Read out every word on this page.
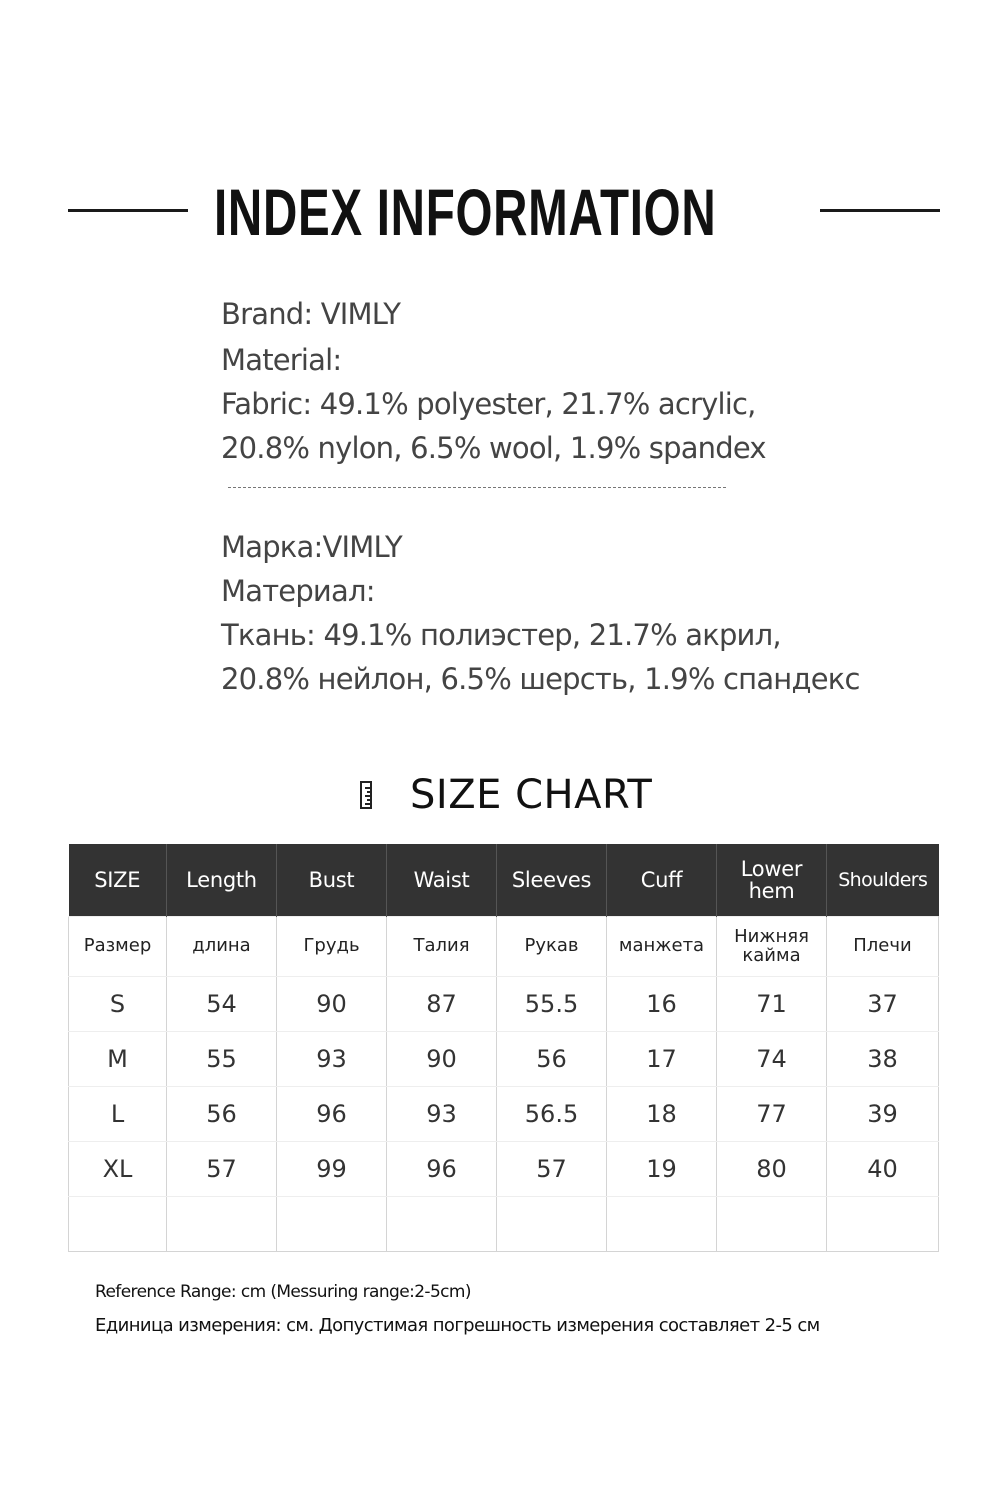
INDEX INFORMATION
Brand: VIMLY
Material:
Fabric: 49.1% polyester, 21.7% acrylic,
20.8% nylon, 6.5% wool, 1.9% spandex
Марка:VIMLY
Материал:
Ткань: 49.1% полиэстер, 21.7% акрил,
20.8% нейлон, 6.5% шерсть, 1.9% спандекс
SIZE CHART
SIZE	Length	Bust	Waist	Sleeves	Cuff	Lower hem	Shoulders
Размер	длина	Грудь	Талия	Рукав	манжета	Нижняя кайма	Плечи
S	54	90	87	55.5	16	71	37
M	55	93	90	56	17	74	38
L	56	96	93	56.5	18	77	39
XL	57	99	96	57	19	80	40

Reference Range: cm (Messuring range:2-5cm)
Единица измерения: см. Допустимая погрешность измерения составляет 2-5 см
